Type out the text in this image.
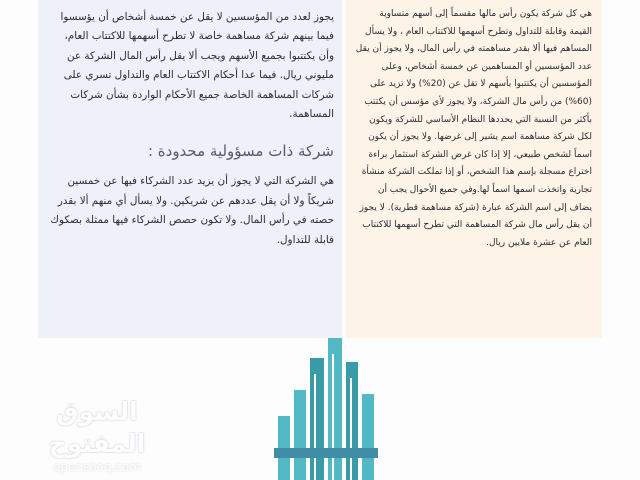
يجوز لعدد من المؤسسين لا يقل عن خمسة أشخاص أن يؤسسوا فيما بينهم شركة مساهمة خاصة لا تطرح أسهمها للاكتتاب العام، وأن يكتتبوا بجميع الأسهم ويجب ألا يقل رأس المال الشركة عن مليوني ريال. فيما عدا أحكام الاكتتاب العام والتداول تسري على شركات المساهمة الخاصة جميع الأحكام الواردة بشأن شركات المساهمة.

شركة ذات مسؤولية محدودة :

هي الشركة التي لا يجوز أن يزيد عدد الشركاء فيها عن خمسين شريكاً ولا أن يقل عددهم عن شريكين. ولا يسأل أي منهم ألا بقدر حصته في رأس المال. ولا تكون حصص الشركاء فيها ممثلة بصكوك قابلة للتداول.

هي كل شركة يكون رأس مالها مقسماً إلى أسهم متساوية القيمة وقابلة للتداول وتطرح أسهمها للاكتتاب العام ، ولا يسأل المساهم فيها ألا بقدر مساهمته في رأس المال، ولا يجوز أن يقل عدد المؤسسين أو المساهمين عن خمسة أشخاص، وعلى المؤسسين أن يكتتبوا بأسهم لا تقل عن (20%) ولا تزيد على (60%) من رأس مال الشركة، ولا يجوز لأي مؤسس أن يكتتب بأكثر من النسبة التي يحددها النظام الأساسي للشركة ويكون لكل شركة مساهمة اسم يشير إلى غرضها. ولا يجوز أن يكون اسماً لشخص طبيعي، إلا إذا كان غرض الشركة استثمار براءة اختراع مسجلة بإسم هذا الشخص، أو إذا تملكت الشركة منشأة تجارية واتخذت اسمها اسماً لها.وفي جميع الأحوال يجب أن يضاف إلى اسم الشركة عبارة (شركة مساهمة قطرية). لا يجوز أن يقل رأس مال شركة المساهمة التي تطرح أسهمها للاكتتاب العام عن عشرة ملايين ريال.

السوق المفتوح
opensooq.com
